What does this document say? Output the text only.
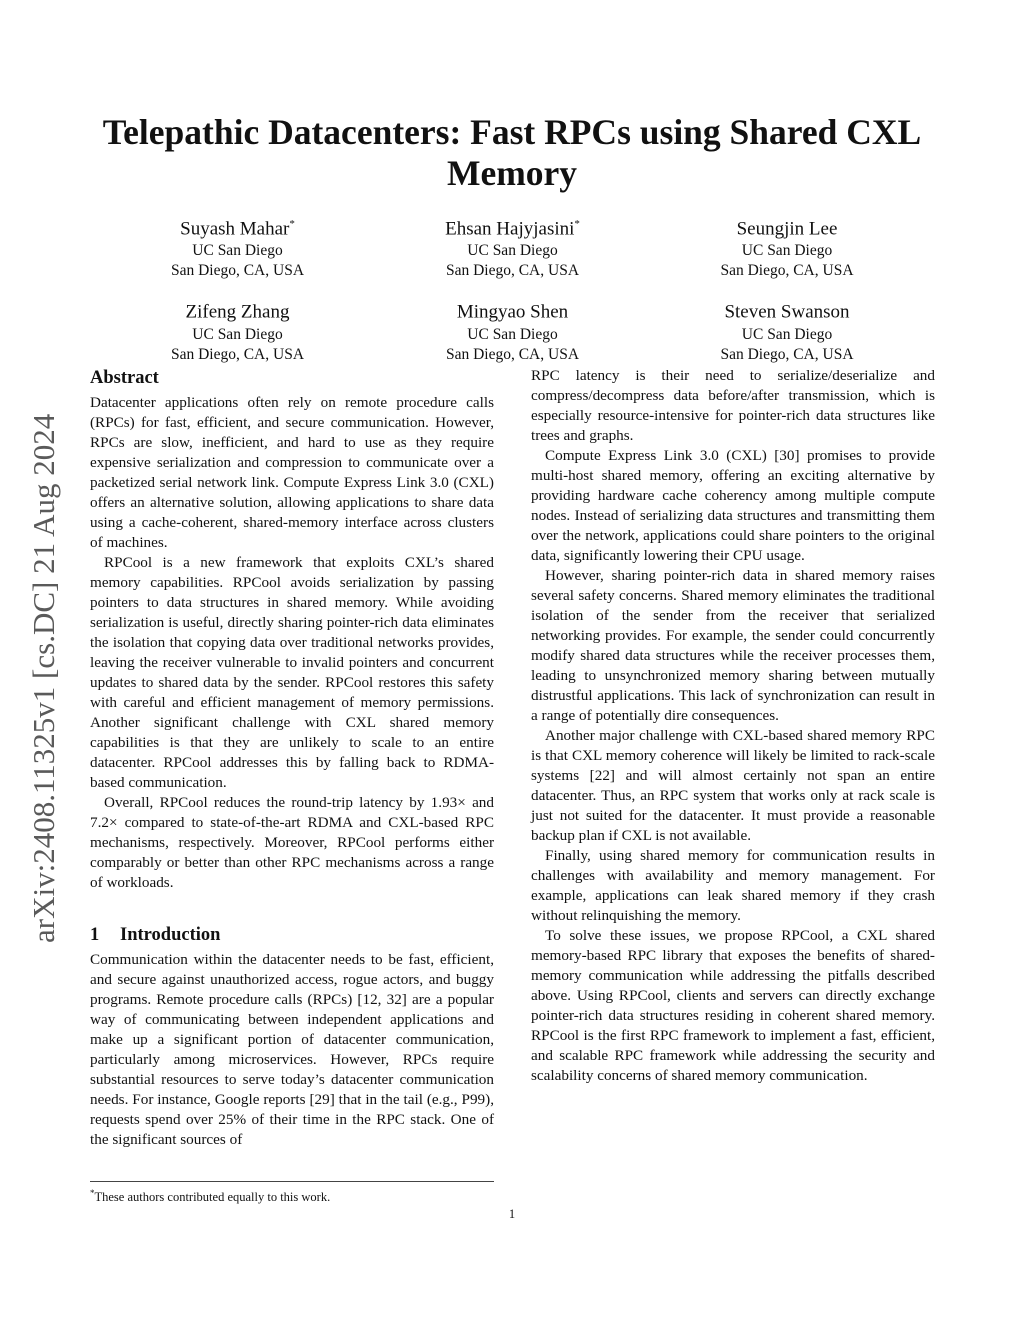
Telepathic Datacenters: Fast RPCs using Shared CXL Memory
arXiv:2408.11325v1 [cs.DC] 21 Aug 2024
Suyash Mahar*
UC San Diego
San Diego, CA, USA
Ehsan Hajyjasini*
UC San Diego
San Diego, CA, USA
Seungjin Lee
UC San Diego
San Diego, CA, USA
Zifeng Zhang
UC San Diego
San Diego, CA, USA
Mingyao Shen
UC San Diego
San Diego, CA, USA
Steven Swanson
UC San Diego
San Diego, CA, USA
Abstract

Datacenter applications often rely on remote procedure calls (RPCs) for fast, efficient, and secure communication. However, RPCs are slow, inefficient, and hard to use as they require expensive serialization and compression to communicate over a packetized serial network link. Compute Express Link 3.0 (CXL) offers an alternative solution, allowing applications to share data using a cache-coherent, shared-memory interface across clusters of machines.

RPCool is a new framework that exploits CXL’s shared memory capabilities. RPCool avoids serialization by passing pointers to data structures in shared memory. While avoiding serialization is useful, directly sharing pointer-rich data eliminates the isolation that copying data over traditional networks provides, leaving the receiver vulnerable to invalid pointers and concurrent updates to shared data by the sender. RPCool restores this safety with careful and efficient management of memory permissions. Another significant challenge with CXL shared memory capabilities is that they are unlikely to scale to an entire datacenter. RPCool addresses this by falling back to RDMA-based communication.

Overall, RPCool reduces the round-trip latency by 1.93× and 7.2× compared to state-of-the-art RDMA and CXL-based RPC mechanisms, respectively. Moreover, RPCool performs either comparably or better than other RPC mechanisms across a range of workloads.

1 Introduction

Communication within the datacenter needs to be fast, efficient, and secure against unauthorized access, rogue actors, and buggy programs. Remote procedure calls (RPCs) [12, 32] are a popular way of communicating between independent applications and make up a significant portion of datacenter communication, particularly among microservices. However, RPCs require substantial resources to serve today’s datacenter communication needs. For instance, Google reports [29] that in the tail (e.g., P99), requests spend over 25% of their time in the RPC stack. One of the significant sources of

RPC latency is their need to serialize/deserialize and compress/decompress data before/after transmission, which is especially resource-intensive for pointer-rich data structures like trees and graphs.

Compute Express Link 3.0 (CXL) [30] promises to provide multi-host shared memory, offering an exciting alternative by providing hardware cache coherency among multiple compute nodes. Instead of serializing data structures and transmitting them over the network, applications could share pointers to the original data, significantly lowering their CPU usage.

However, sharing pointer-rich data in shared memory raises several safety concerns. Shared memory eliminates the traditional isolation of the sender from the receiver that serialized networking provides. For example, the sender could concurrently modify shared data structures while the receiver processes them, leading to unsynchronized memory sharing between mutually distrustful applications. This lack of synchronization can result in a range of potentially dire consequences.

Another major challenge with CXL-based shared memory RPC is that CXL memory coherence will likely be limited to rack-scale systems [22] and will almost certainly not span an entire datacenter. Thus, an RPC system that works only at rack scale is just not suited for the datacenter. It must provide a reasonable backup plan if CXL is not available.

Finally, using shared memory for communication results in challenges with availability and memory management. For example, applications can leak shared memory if they crash without relinquishing the memory.

To solve these issues, we propose RPCool, a CXL shared memory-based RPC library that exposes the benefits of shared-memory communication while addressing the pitfalls described above. Using RPCool, clients and servers can directly exchange pointer-rich data structures residing in coherent shared memory. RPCool is the first RPC framework to implement a fast, efficient, and scalable RPC framework while addressing the security and scalability concerns of shared memory communication.

*These authors contributed equally to this work.
1
